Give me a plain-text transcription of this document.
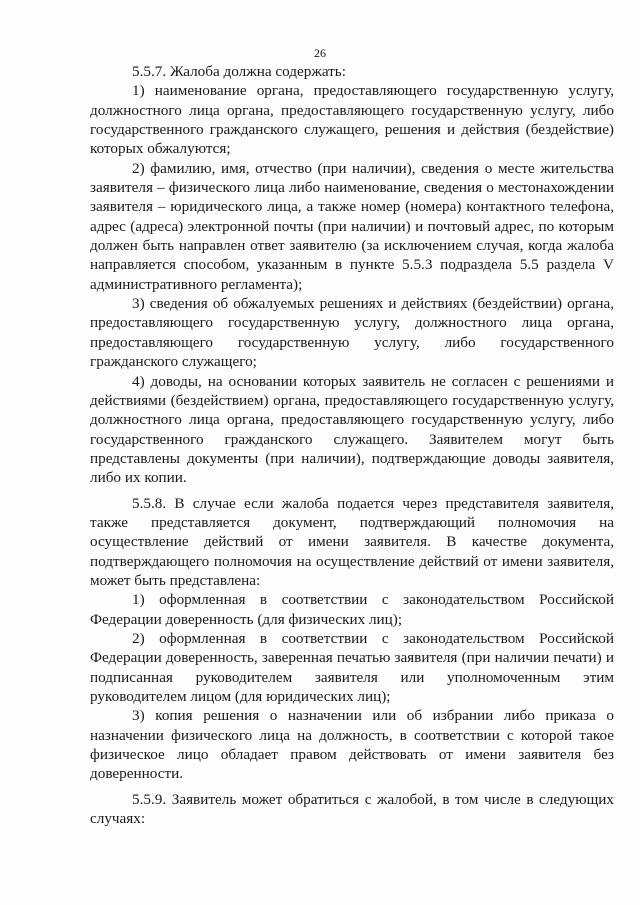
26

5.5.7. Жалоба должна содержать:

1) наименование органа, предоставляющего государственную услугу, должностного лица органа, предоставляющего государственную услугу, либо государственного гражданского служащего, решения и действия (бездействие) которых обжалуются;

2) фамилию, имя, отчество (при наличии), сведения о месте жительства заявителя – физического лица либо наименование, сведения о местонахождении заявителя – юридического лица, а также номер (номера) контактного телефона, адрес (адреса) электронной почты (при наличии) и почтовый адрес, по которым должен быть направлен ответ заявителю (за исключением случая, когда жалоба направляется способом, указанным в пункте 5.5.3 подраздела 5.5 раздела V административного регламента);

3) сведения об обжалуемых решениях и действиях (бездействии) органа, предоставляющего государственную услугу, должностного лица органа, предоставляющего государственную услугу, либо государственного гражданского служащего;

4) доводы, на основании которых заявитель не согласен с решениями и действиями (бездействием) органа, предоставляющего государственную услугу, должностного лица органа, предоставляющего государственную услугу, либо государственного гражданского служащего. Заявителем могут быть представлены документы (при наличии), подтверждающие доводы заявителя, либо их копии.

5.5.8. В случае если жалоба подается через представителя заявителя, также представляется документ, подтверждающий полномочия на осуществление действий от имени заявителя. В качестве документа, подтверждающего полномочия на осуществление действий от имени заявителя, может быть представлена:

1) оформленная в соответствии с законодательством Российской Федерации доверенность (для физических лиц);

2) оформленная в соответствии с законодательством Российской Федерации доверенность, заверенная печатью заявителя (при наличии печати) и подписанная руководителем заявителя или уполномоченным этим руководителем лицом (для юридических лиц);

3) копия решения о назначении или об избрании либо приказа о назначении физического лица на должность, в соответствии с которой такое физическое лицо обладает правом действовать от имени заявителя без доверенности.

5.5.9. Заявитель может обратиться с жалобой, в том числе в следующих случаях:
